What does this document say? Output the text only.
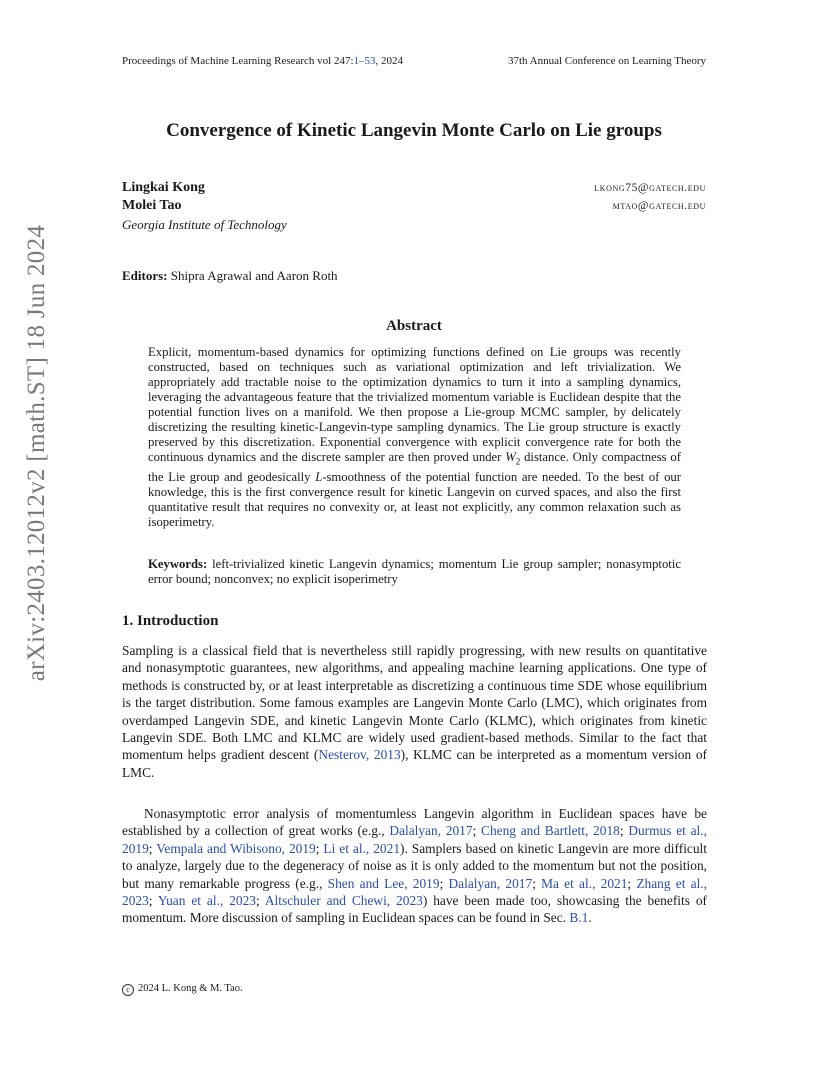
Proceedings of Machine Learning Research vol 247:1–53, 2024	37th Annual Conference on Learning Theory
arXiv:2403.12012v2 [math.ST] 18 Jun 2024
Convergence of Kinetic Langevin Monte Carlo on Lie groups
Lingkai Kong	lkong75@gatech.edu
Molei Tao	mtao@gatech.edu
Georgia Institute of Technology
Editors: Shipra Agrawal and Aaron Roth
Abstract
Explicit, momentum-based dynamics for optimizing functions defined on Lie groups was recently constructed, based on techniques such as variational optimization and left trivialization. We appropriately add tractable noise to the optimization dynamics to turn it into a sampling dynamics, leveraging the advantageous feature that the trivialized momentum variable is Euclidean despite that the potential function lives on a manifold. We then propose a Lie-group MCMC sampler, by delicately discretizing the resulting kinetic-Langevin-type sampling dynamics. The Lie group structure is exactly preserved by this discretization. Exponential convergence with explicit convergence rate for both the continuous dynamics and the discrete sampler are then proved under $W_2$ distance. Only compactness of the Lie group and geodesically L-smoothness of the potential function are needed. To the best of our knowledge, this is the first convergence result for kinetic Langevin on curved spaces, and also the first quantitative result that requires no convexity or, at least not explicitly, any common relaxation such as isoperimetry.
Keywords: left-trivialized kinetic Langevin dynamics; momentum Lie group sampler; nonasymptotic error bound; nonconvex; no explicit isoperimetry
1. Introduction
Sampling is a classical field that is nevertheless still rapidly progressing, with new results on quantitative and nonasymptotic guarantees, new algorithms, and appealing machine learning applications. One type of methods is constructed by, or at least interpretable as discretizing a continuous time SDE whose equilibrium is the target distribution. Some famous examples are Langevin Monte Carlo (LMC), which originates from overdamped Langevin SDE, and kinetic Langevin Monte Carlo (KLMC), which originates from kinetic Langevin SDE. Both LMC and KLMC are widely used gradient-based methods. Similar to the fact that momentum helps gradient descent (Nesterov, 2013), KLMC can be interpreted as a momentum version of LMC.
Nonasymptotic error analysis of momentumless Langevin algorithm in Euclidean spaces have be established by a collection of great works (e.g., Dalalyan, 2017; Cheng and Bartlett, 2018; Durmus et al., 2019; Vempala and Wibisono, 2019; Li et al., 2021). Samplers based on kinetic Langevin are more difficult to analyze, largely due to the degeneracy of noise as it is only added to the momentum but not the position, but many remarkable progress (e.g., Shen and Lee, 2019; Dalalyan, 2017; Ma et al., 2021; Zhang et al., 2023; Yuan et al., 2023; Altschuler and Chewi, 2023) have been made too, showcasing the benefits of momentum. More discussion of sampling in Euclidean spaces can be found in Sec. B.1.
c 2024 L. Kong & M. Tao.
